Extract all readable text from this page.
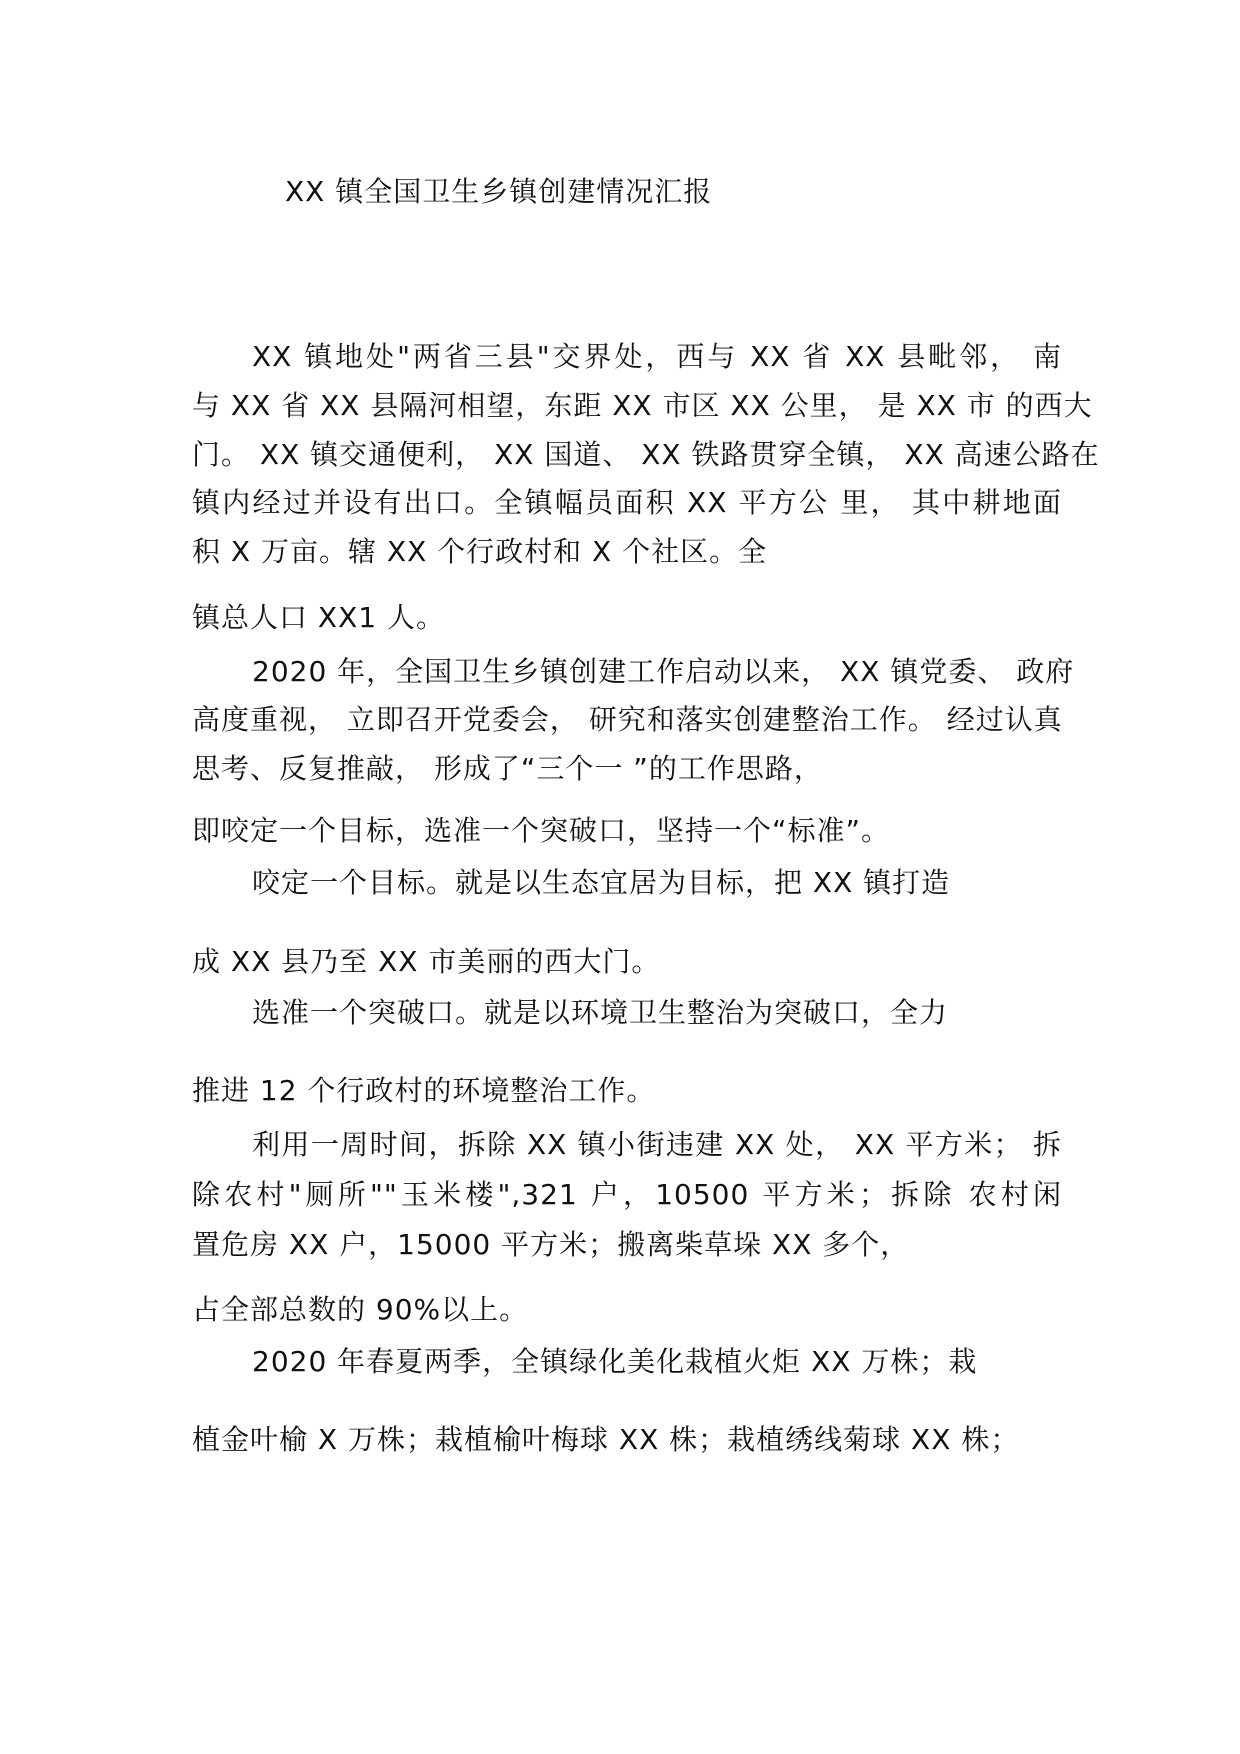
XX 镇全国卫生乡镇创建情况汇报
XX 镇地处"两省三县"交界处，西与 XX 省 XX 县毗邻， 南
与 XX 省 XX 县隔河相望，东距 XX 市区 XX 公里， 是 XX 市 的西大
门。 XX 镇交通便利， XX 国道、 XX 铁路贯穿全镇， XX 高速公路在
镇内经过并设有出口。全镇幅员面积 XX 平方公 里， 其中耕地面
积 X 万亩。辖 XX 个行政村和 X 个社区。全
镇总人口 XX1 人。
2020 年，全国卫生乡镇创建工作启动以来， XX 镇党委、 政府
高度重视， 立即召开党委会， 研究和落实创建整治工作。 经过认真
思考、反复推敲， 形成了“三个一 ”的工作思路，
即咬定一个目标，选准一个突破口，坚持一个“标准”。
咬定一个目标。就是以生态宜居为目标，把 XX 镇打造
成 XX 县乃至 XX 市美丽的西大门。
选准一个突破口。就是以环境卫生整治为突破口，全力
推进 12 个行政村的环境整治工作。
利用一周时间，拆除 XX 镇小街违建 XX 处， XX 平方米； 拆
除农村"厕所""玉米楼",321 户，10500 平方米；拆除 农村闲
置危房 XX 户，15000 平方米；搬离柴草垛 XX 多个，
占全部总数的 90%以上。
2020 年春夏两季，全镇绿化美化栽植火炬 XX 万株；栽
植金叶榆 X 万株；栽植榆叶梅球 XX 株；栽植绣线菊球 XX 株；
